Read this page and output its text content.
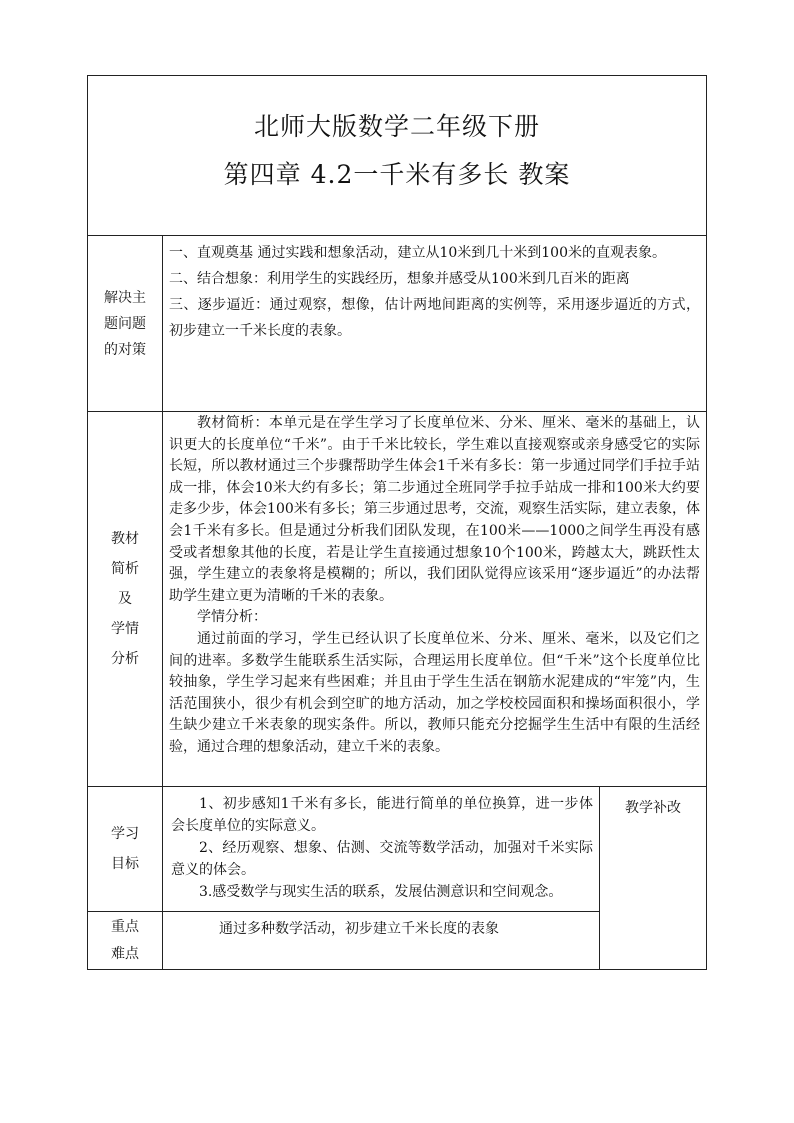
北师大版数学二年级下册
第四章 4.2一千米有多长 教案
解决主
题问题
的对策

一、直观奠基 通过实践和想象活动，建立从10米到几十米到100米的直观表象。

二、结合想象：利用学生的实践经历，想象并感受从100米到几百米的距离

三、逐步逼近：通过观察，想像，估计两地间距离的实例等，采用逐步逼近的方式，初步建立一千米长度的表象。

教材
简析
及
学情
分析

教材简析：本单元是在学生学习了长度单位米、分米、厘米、毫米的基础上，认识更大的长度单位“千米”。由于千米比较长，学生难以直接观察或亲身感受它的实际长短，所以教材通过三个步骤帮助学生体会1千米有多长：第一步通过同学们手拉手站成一排，体会10米大约有多长；第二步通过全班同学手拉手站成一排和100米大约要走多少步，体会100米有多长；第三步通过思考，交流，观察生活实际，建立表象，体会1千米有多长。但是通过分析我们团队发现，在100米——1000之间学生再没有感受或者想象其他的长度，若是让学生直接通过想象10个100米，跨越太大，跳跃性太强，学生建立的表象将是模糊的；所以，我们团队觉得应该采用“逐步逼近”的办法帮助学生建立更为清晰的千米的表象。

学情分析：

通过前面的学习，学生已经认识了长度单位米、分米、厘米、毫米，以及它们之间的进率。多数学生能联系生活实际，合理运用长度单位。但“千米”这个长度单位比较抽象，学生学习起来有些困难；并且由于学生生活在钢筋水泥建成的“牢笼”内，生活范围狭小，很少有机会到空旷的地方活动，加之学校校园面积和操场面积很小，学生缺少建立千米表象的现实条件。所以，教师只能充分挖掘学生生活中有限的生活经验，通过合理的想象活动，建立千米的表象。

学习
目标

1、初步感知1千米有多长，能进行简单的单位换算，进一步体会长度单位的实际意义。

2、经历观察、想象、估测、交流等数学活动，加强对千米实际意义的体会。

3.感受数学与现实生活的联系，发展估测意识和空间观念。

教学补改
重点
难点
通过多种数学活动，初步建立千米长度的表象
